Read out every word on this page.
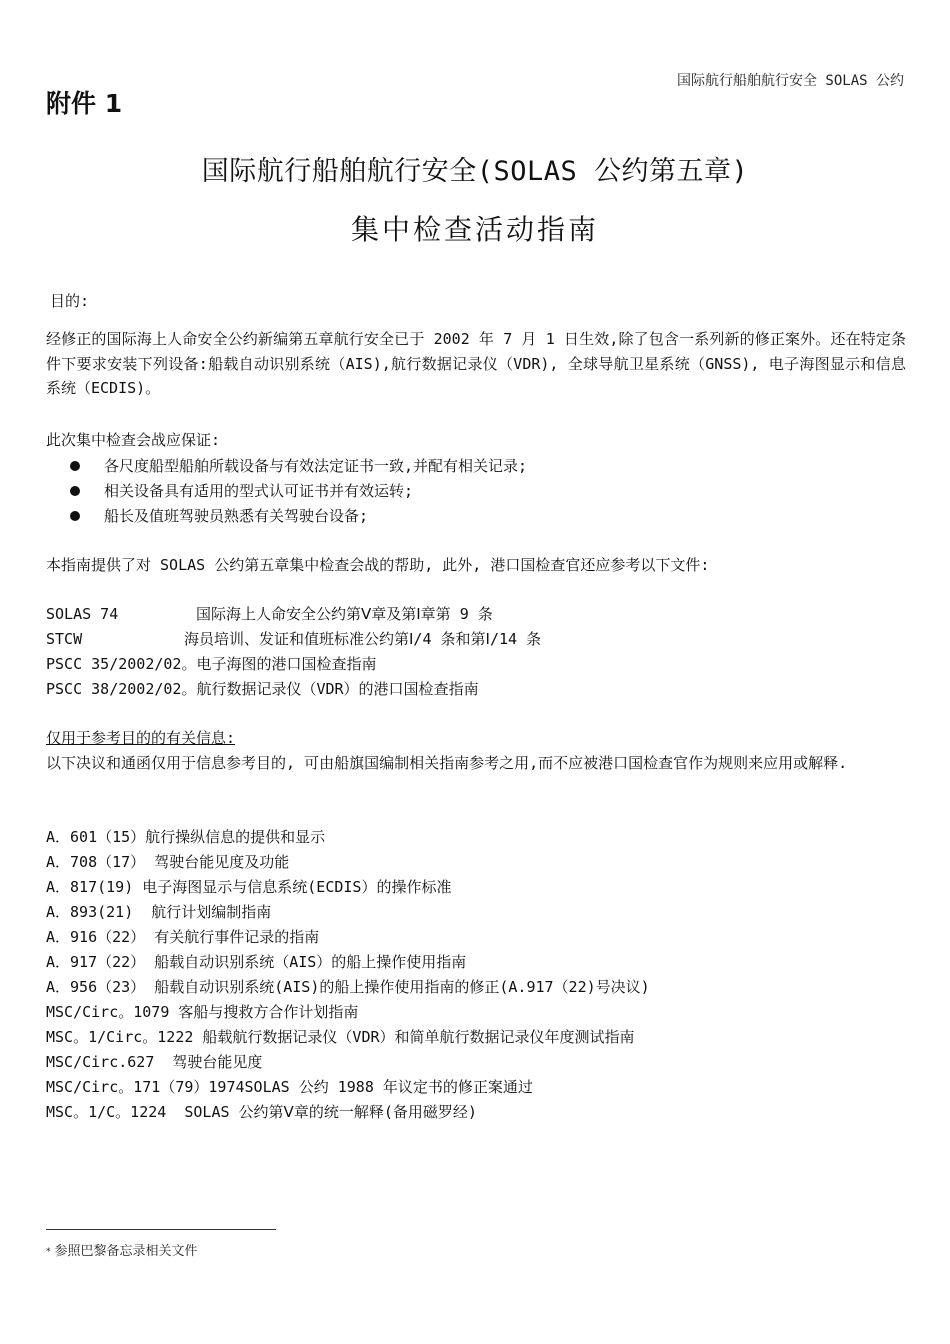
国际航行船舶航行安全 SOLAS 公约
附件 1
国际航行船舶航行安全(SOLAS 公约第五章)
集中检查活动指南
目的:
经修正的国际海上人命安全公约新编第五章航行安全已于 2002 年 7 月 1 日生效,除了包含一系列新的修正案外。还在特定条件下要求安装下列设备:船载自动识别系统（AIS),航行数据记录仪（VDR), 全球导航卫星系统（GNSS), 电子海图显示和信息系统（ECDIS)。
此次集中检查会战应保证:
各尺度船型船舶所载设备与有效法定证书一致,并配有相关记录;
相关设备具有适用的型式认可证书并有效运转;
船长及值班驾驶员熟悉有关驾驶台设备;
本指南提供了对 SOLAS 公约第五章集中检查会战的帮助, 此外, 港口国检查官还应参考以下文件:
SOLAS 74	国际海上人命安全公约第Ⅴ章及第Ⅰ章第 9 条
STCW	海员培训、发证和值班标准公约第Ⅰ/4 条和第Ⅰ/14 条
PSCC 35/2002/02。 电子海图的港口国检查指南
PSCC 38/2002/02。 航行数据记录仪（VDR）的港口国检查指南
仅用于参考目的的有关信息:
以下决议和通函仅用于信息参考目的, 可由船旗国编制相关指南参考之用,而不应被港口国检查官作为规则来应用或解释.
A．601（15）航行操纵信息的提供和显示
A．708（17） 驾驶台能见度及功能
A．817(19) 电子海图显示与信息系统(ECDIS）的操作标准
A．893(21)  航行计划编制指南
A．916（22） 有关航行事件记录的指南
A．917（22） 船载自动识别系统（AIS）的船上操作使用指南
A．956（23） 船载自动识别系统(AIS)的船上操作使用指南的修正(A.917（22)号决议)
MSC/Circ。1079 客船与搜救方合作计划指南
MSC。1/Circ。1222 船载航行数据记录仪（VDR）和简单航行数据记录仪年度测试指南
MSC/Circ.627  驾驶台能见度
MSC/Circ。171（79）1974SOLAS 公约 1988 年议定书的修正案通过
MSC。1/C。1224  SOLAS 公约第Ⅴ章的统一解释(备用磁罗经)
* 参照巴黎备忘录相关文件
